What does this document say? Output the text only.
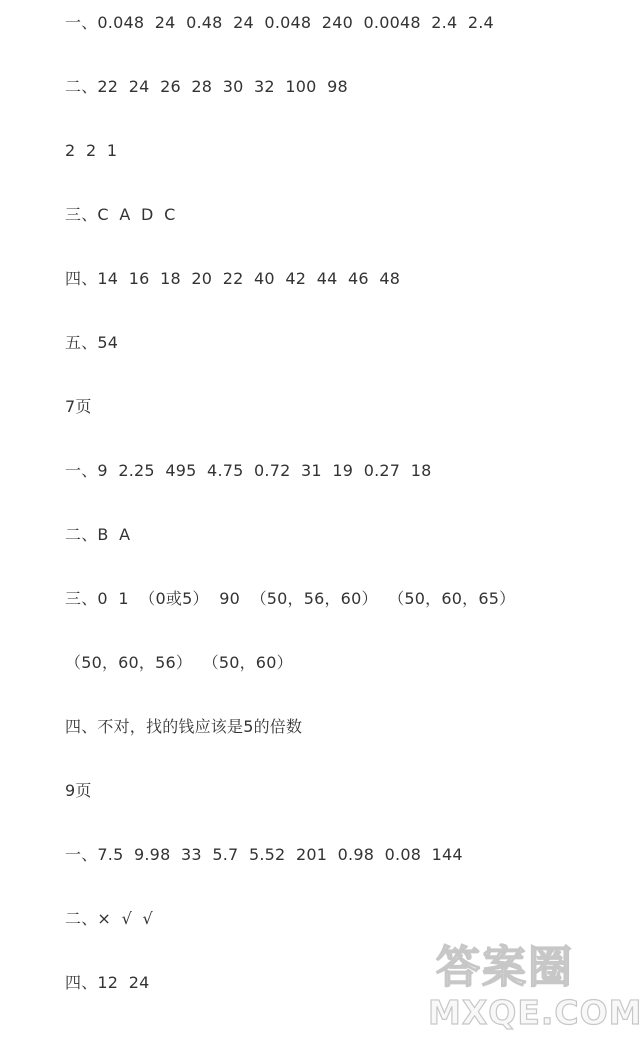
一、0.048  24  0.48  24  0.048  240  0.0048  2.4  2.4
二、22  24  26  28  30  32  100  98
2  2  1
三、C  A  D  C
四、14  16  18  20  22  40  42  44  46  48
五、54
7页
一、9  2.25  495  4.75  0.72  31  19  0.27  18
二、B  A
三、0  1  （0或5）  90  （50，56，60）  （50，60，65）
（50，60，56）  （50，60）
四、不对，找的钱应该是5的倍数
9页
一、7.5  9.98  33  5.7  5.52  201  0.98  0.08  144
二、×  √  √
四、12  24	答案圈
MXQE.COM
